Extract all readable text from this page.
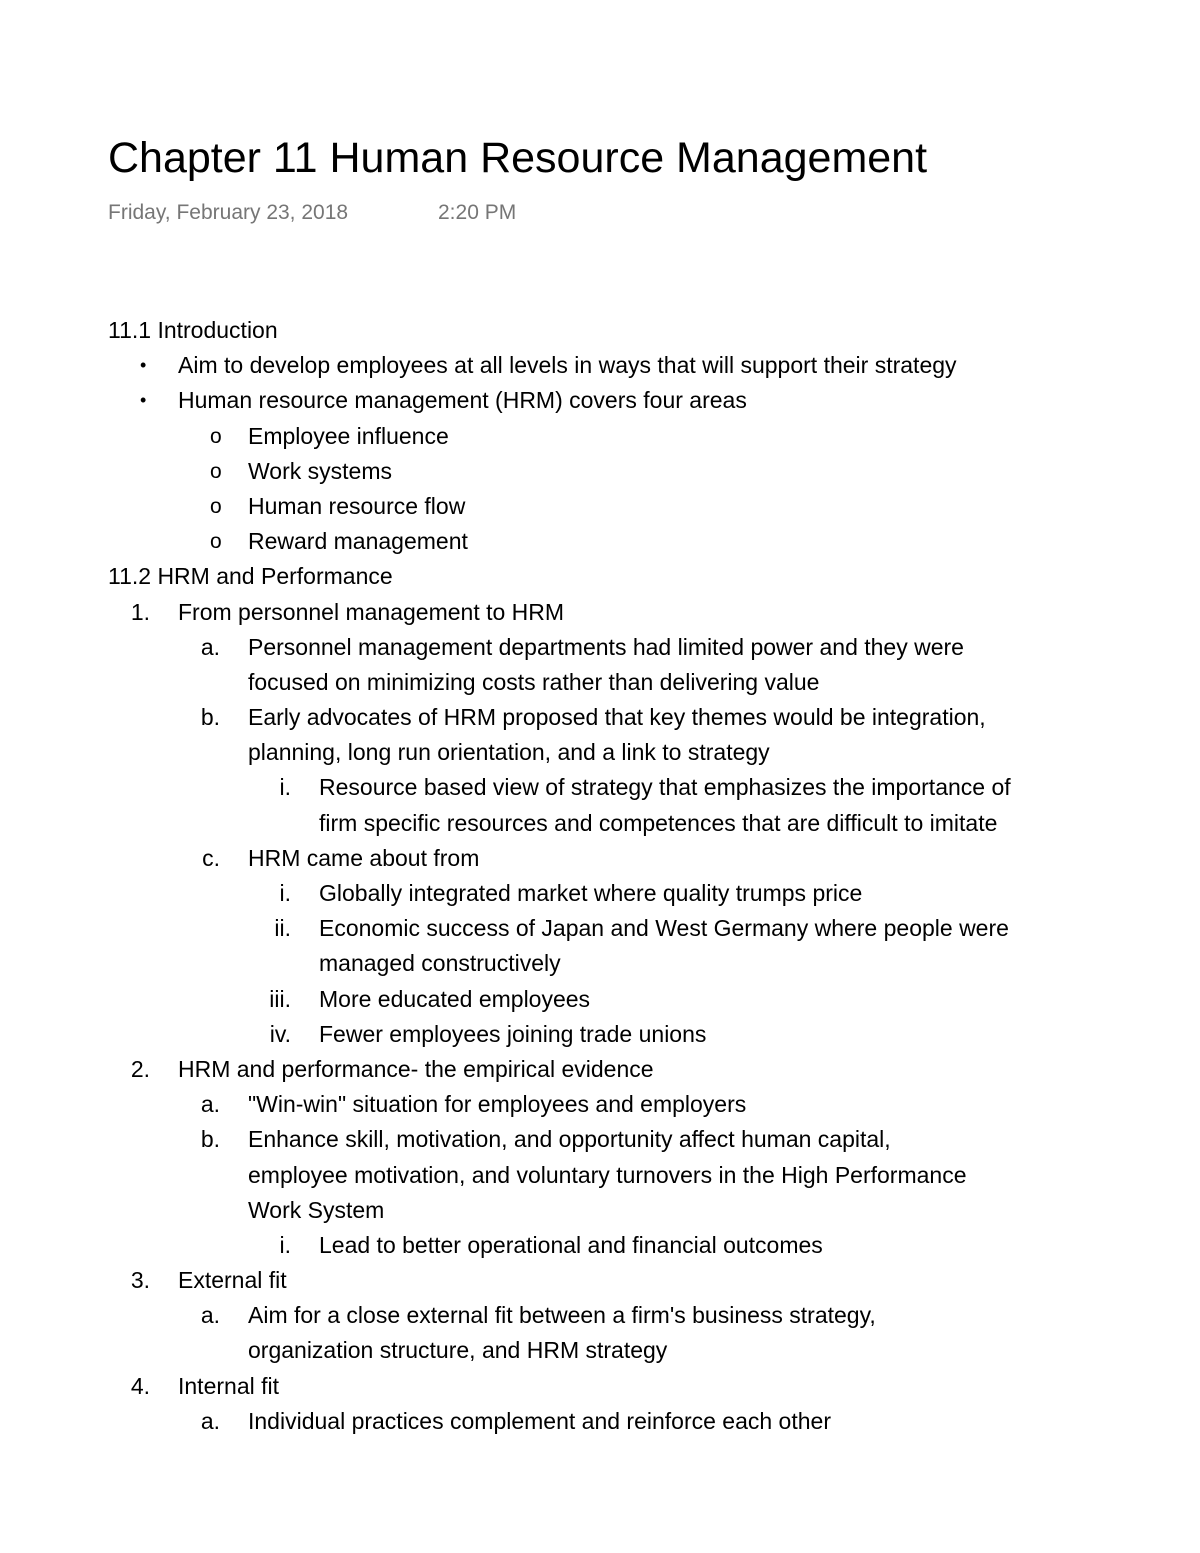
Chapter 11 Human Resource Management
Friday, February 23, 2018	2:20 PM
11.1 Introduction
• Aim to develop employees at all levels in ways that will support their strategy
• Human resource management (HRM) covers four areas
o Employee influence
o Work systems
o Human resource flow
o Reward management
11.2 HRM and Performance
1. From personnel management to HRM
a. Personnel management departments had limited power and they were
focused on minimizing costs rather than delivering value
b. Early advocates of HRM proposed that key themes would be integration,
planning, long run orientation, and a link to strategy
i. Resource based view of strategy that emphasizes the importance of
firm specific resources and competences that are difficult to imitate
c. HRM came about from
i. Globally integrated market where quality trumps price
ii. Economic success of Japan and West Germany where people were
managed constructively
iii. More educated employees
iv. Fewer employees joining trade unions
2. HRM and performance- the empirical evidence
a. "Win-win" situation for employees and employers
b. Enhance skill, motivation, and opportunity affect human capital,
employee motivation, and voluntary turnovers in the High Performance
Work System
i. Lead to better operational and financial outcomes
3. External fit
a. Aim for a close external fit between a firm's business strategy,
organization structure, and HRM strategy
4. Internal fit
a. Individual practices complement and reinforce each other
